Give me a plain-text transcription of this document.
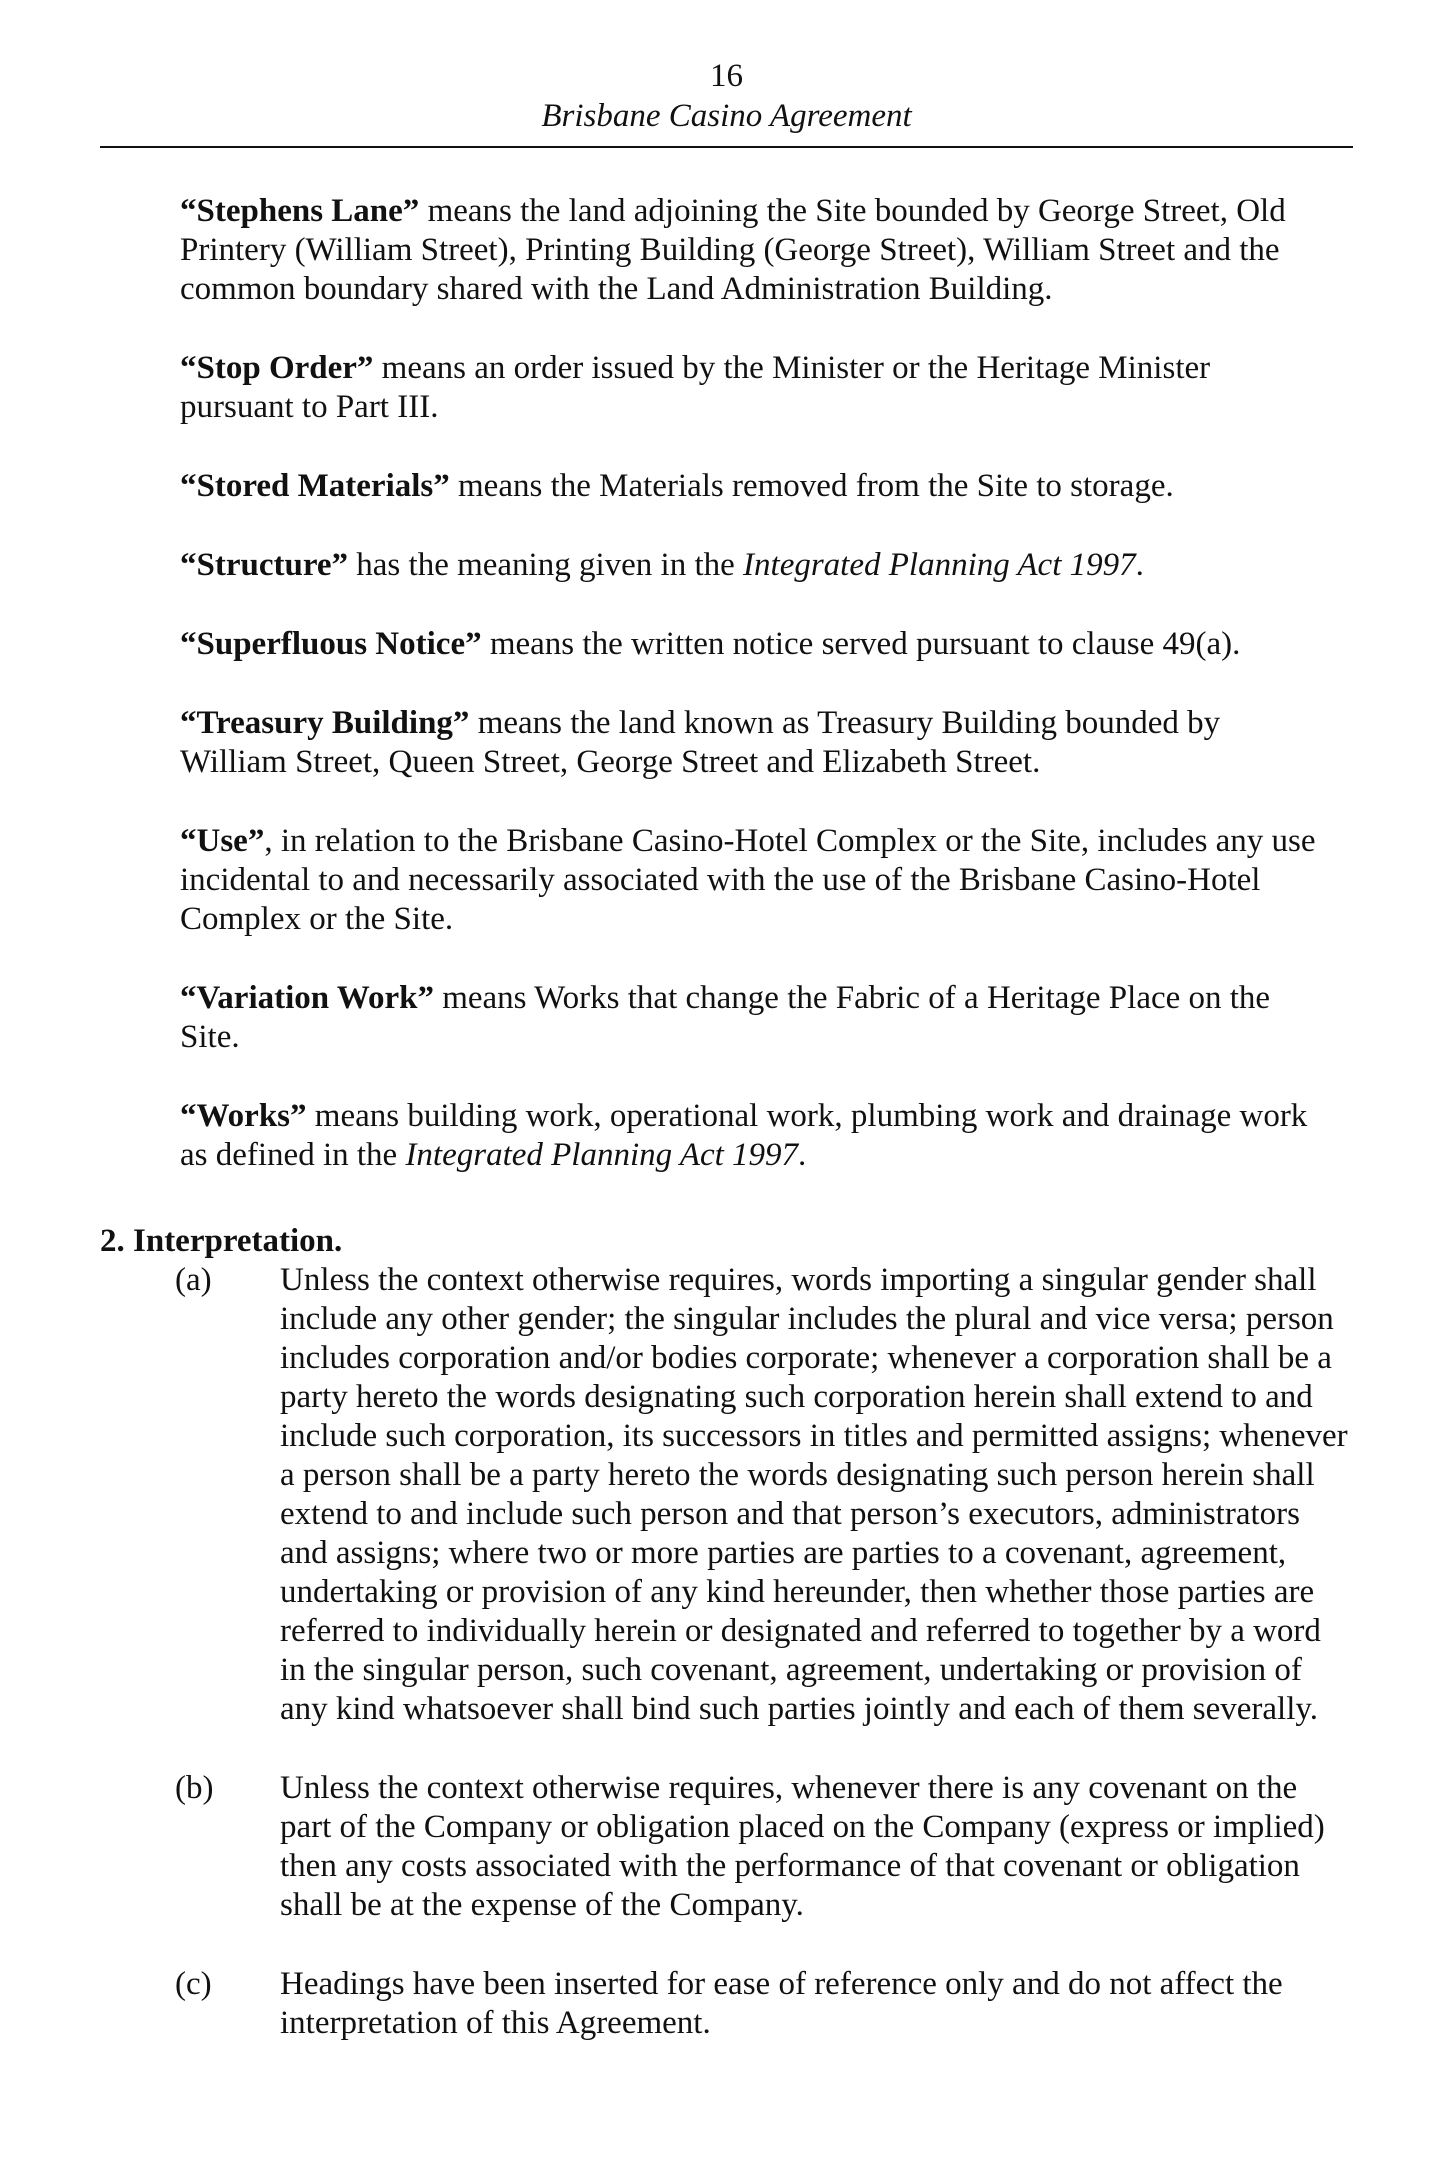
16
Brisbane Casino Agreement

“Stephens Lane” means the land adjoining the Site bounded by George Street, Old Printery (William Street), Printing Building (George Street), William Street and the common boundary shared with the Land Administration Building.

“Stop Order” means an order issued by the Minister or the Heritage Minister pursuant to Part III.

“Stored Materials” means the Materials removed from the Site to storage.

“Structure” has the meaning given in the Integrated Planning Act 1997.

“Superfluous Notice” means the written notice served pursuant to clause 49(a).

“Treasury Building” means the land known as Treasury Building bounded by William Street, Queen Street, George Street and Elizabeth Street.

“Use”, in relation to the Brisbane Casino-Hotel Complex or the Site, includes any use incidental to and necessarily associated with the use of the Brisbane Casino-Hotel Complex or the Site.

“Variation Work” means Works that change the Fabric of a Heritage Place on the Site.

“Works” means building work, operational work, plumbing work and drainage work as defined in the Integrated Planning Act 1997.

2. Interpretation.

(a) Unless the context otherwise requires, words importing a singular gender shall include any other gender; the singular includes the plural and vice versa; person includes corporation and/or bodies corporate; whenever a corporation shall be a party hereto the words designating such corporation herein shall extend to and include such corporation, its successors in titles and permitted assigns; whenever a person shall be a party hereto the words designating such person herein shall extend to and include such person and that person’s executors, administrators and assigns; where two or more parties are parties to a covenant, agreement, undertaking or provision of any kind hereunder, then whether those parties are referred to individually herein or designated and referred to together by a word in the singular person, such covenant, agreement, undertaking or provision of any kind whatsoever shall bind such parties jointly and each of them severally.
(b) Unless the context otherwise requires, whenever there is any covenant on the part of the Company or obligation placed on the Company (express or implied) then any costs associated with the performance of that covenant or obligation shall be at the expense of the Company.
(c) Headings have been inserted for ease of reference only and do not affect the interpretation of this Agreement.
